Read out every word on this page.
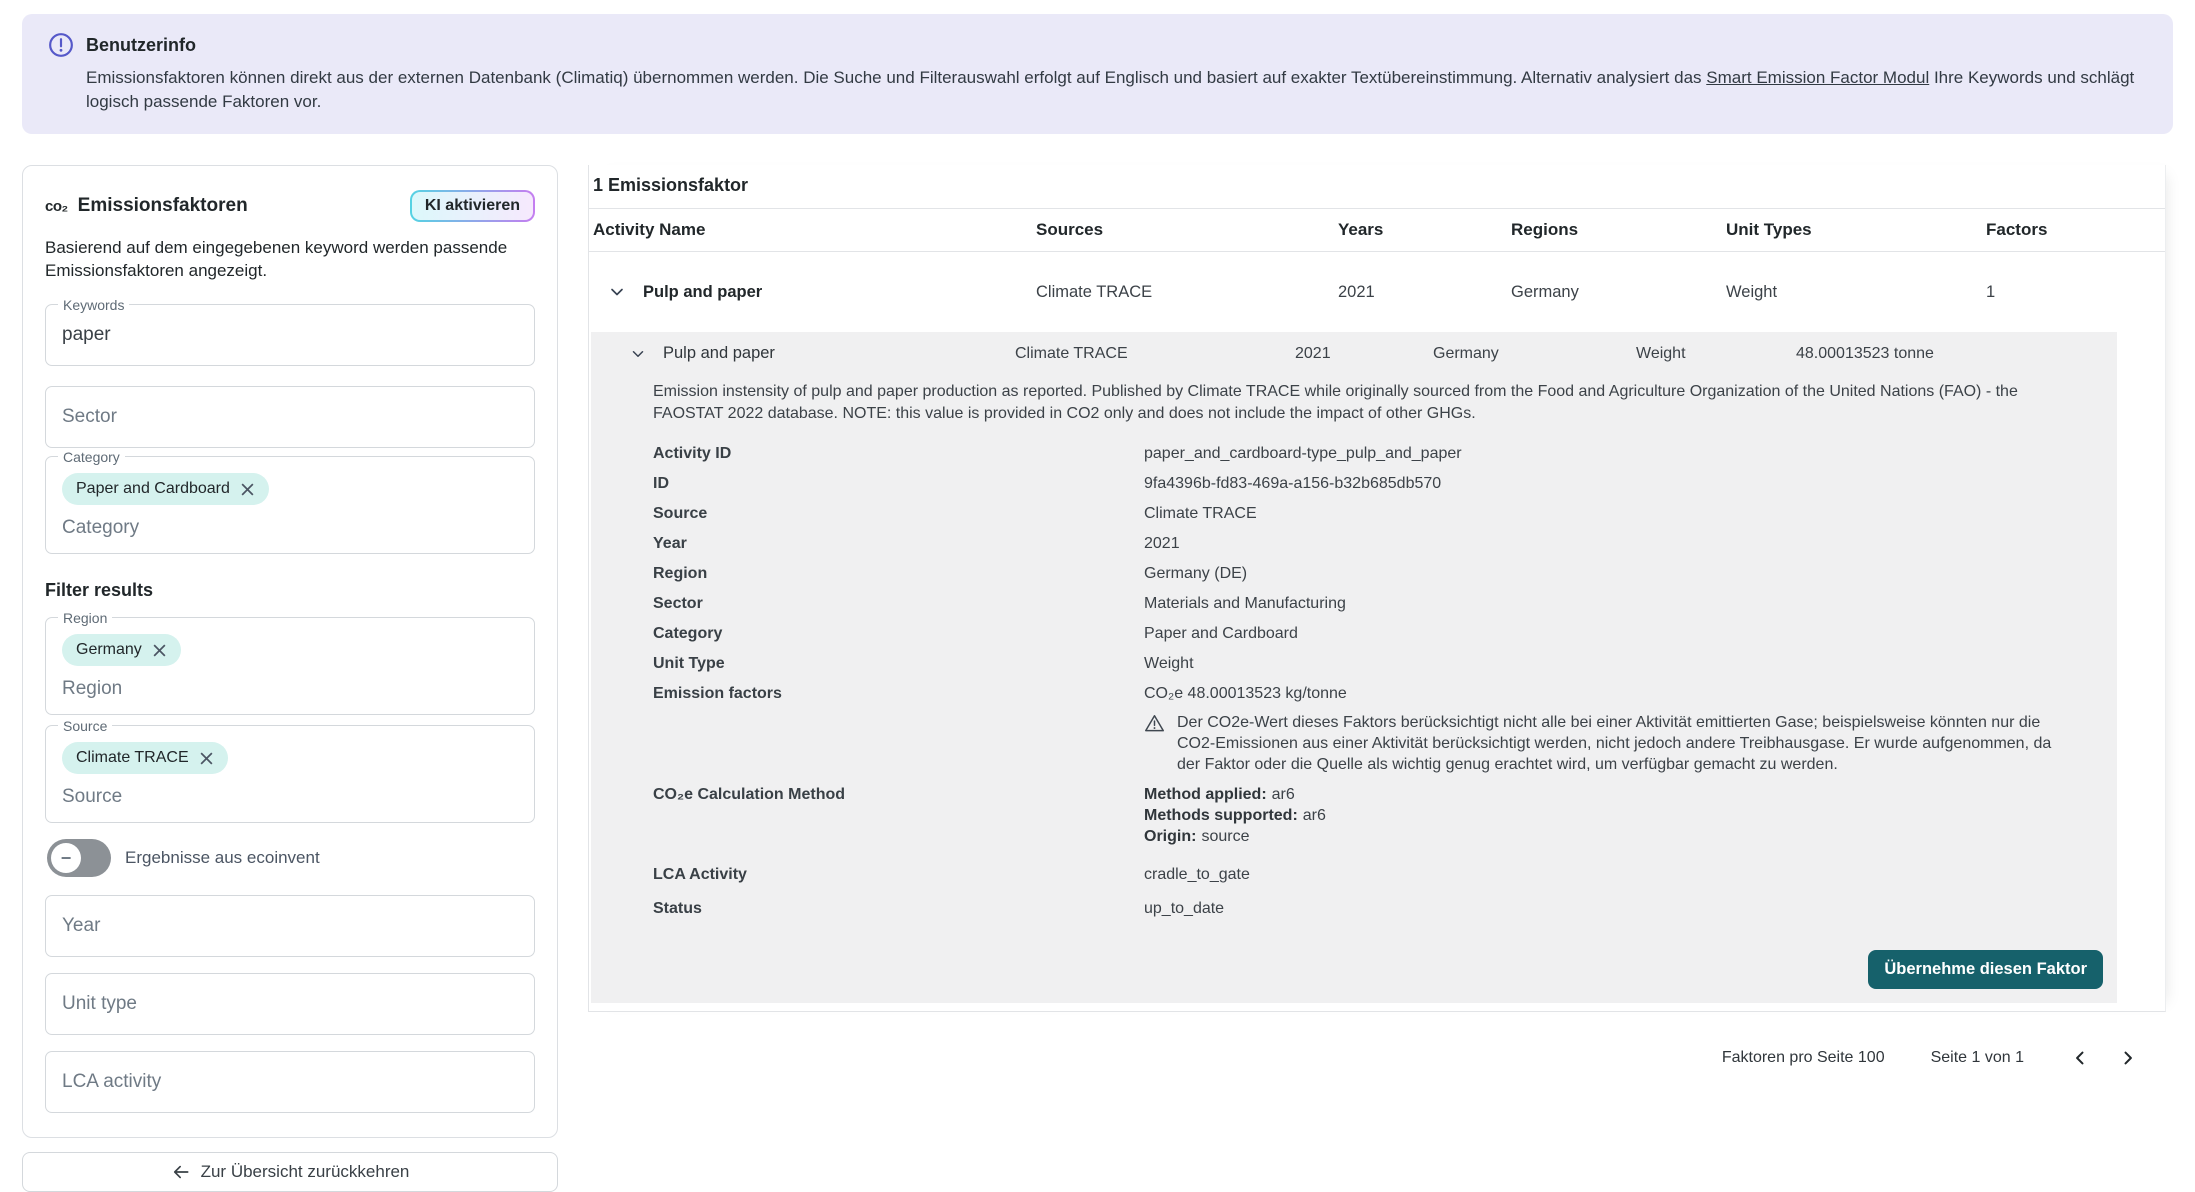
Benutzerinfo
Emissionsfaktoren können direkt aus der externen Datenbank (Climatiq) übernommen werden. Die Suche und Filterauswahl erfolgt auf Englisch und basiert auf exakter Textübereinstimmung. Alternativ analysiert das Smart Emission Factor Modul Ihre Keywords und schlägt logisch passende Faktoren vor.
co₂ Emissionsfaktoren	KI aktivieren
Basierend auf dem eingegebenen keyword werden passende Emissionsfaktoren angezeigt.
Keywords
paper
Sector
Category
Paper and Cardboard
Category
Filter results
Region
Germany
Region
Source
Climate TRACE
Source
−	Ergebnisse aus ecoinvent
Year
Unit type
LCA activity
Zur Übersicht zurückkehren
1 Emissionsfaktor
Activity Name	Sources	Years	Regions	Unit Types	Factors
Pulp and paper	Climate TRACE	2021	Germany	Weight	1
Pulp and paper	Climate TRACE	2021	Germany	Weight	48.00013523 tonne
Emission instensity of pulp and paper production as reported. Published by Climate TRACE while originally sourced from the Food and Agriculture Organization of the United Nations (FAO) - the FAOSTAT 2022 database. NOTE: this value is provided in CO2 only and does not include the impact of other GHGs.
Activity ID	paper_and_cardboard-type_pulp_and_paper
ID	9fa4396b-fd83-469a-a156-b32b685db570
Source	Climate TRACE
Year	2021
Region	Germany (DE)
Sector	Materials and Manufacturing
Category	Paper and Cardboard
Unit Type	Weight
Emission factors	CO₂e 48.00013523 kg/tonne
Der CO2e-Wert dieses Faktors berücksichtigt nicht alle bei einer Aktivität emittierten Gase; beispielsweise könnten nur die CO2-Emissionen aus einer Aktivität berücksichtigt werden, nicht jedoch andere Treibhausgase. Er wurde aufgenommen, da der Faktor oder die Quelle als wichtig genug erachtet wird, um verfügbar gemacht zu werden.
CO₂e Calculation Method	Method applied: ar6
Methods supported: ar6
Origin: source
LCA Activity	cradle_to_gate
Status	up_to_date
Übernehme diesen Faktor
Faktoren pro Seite 100	Seite 1 von 1
